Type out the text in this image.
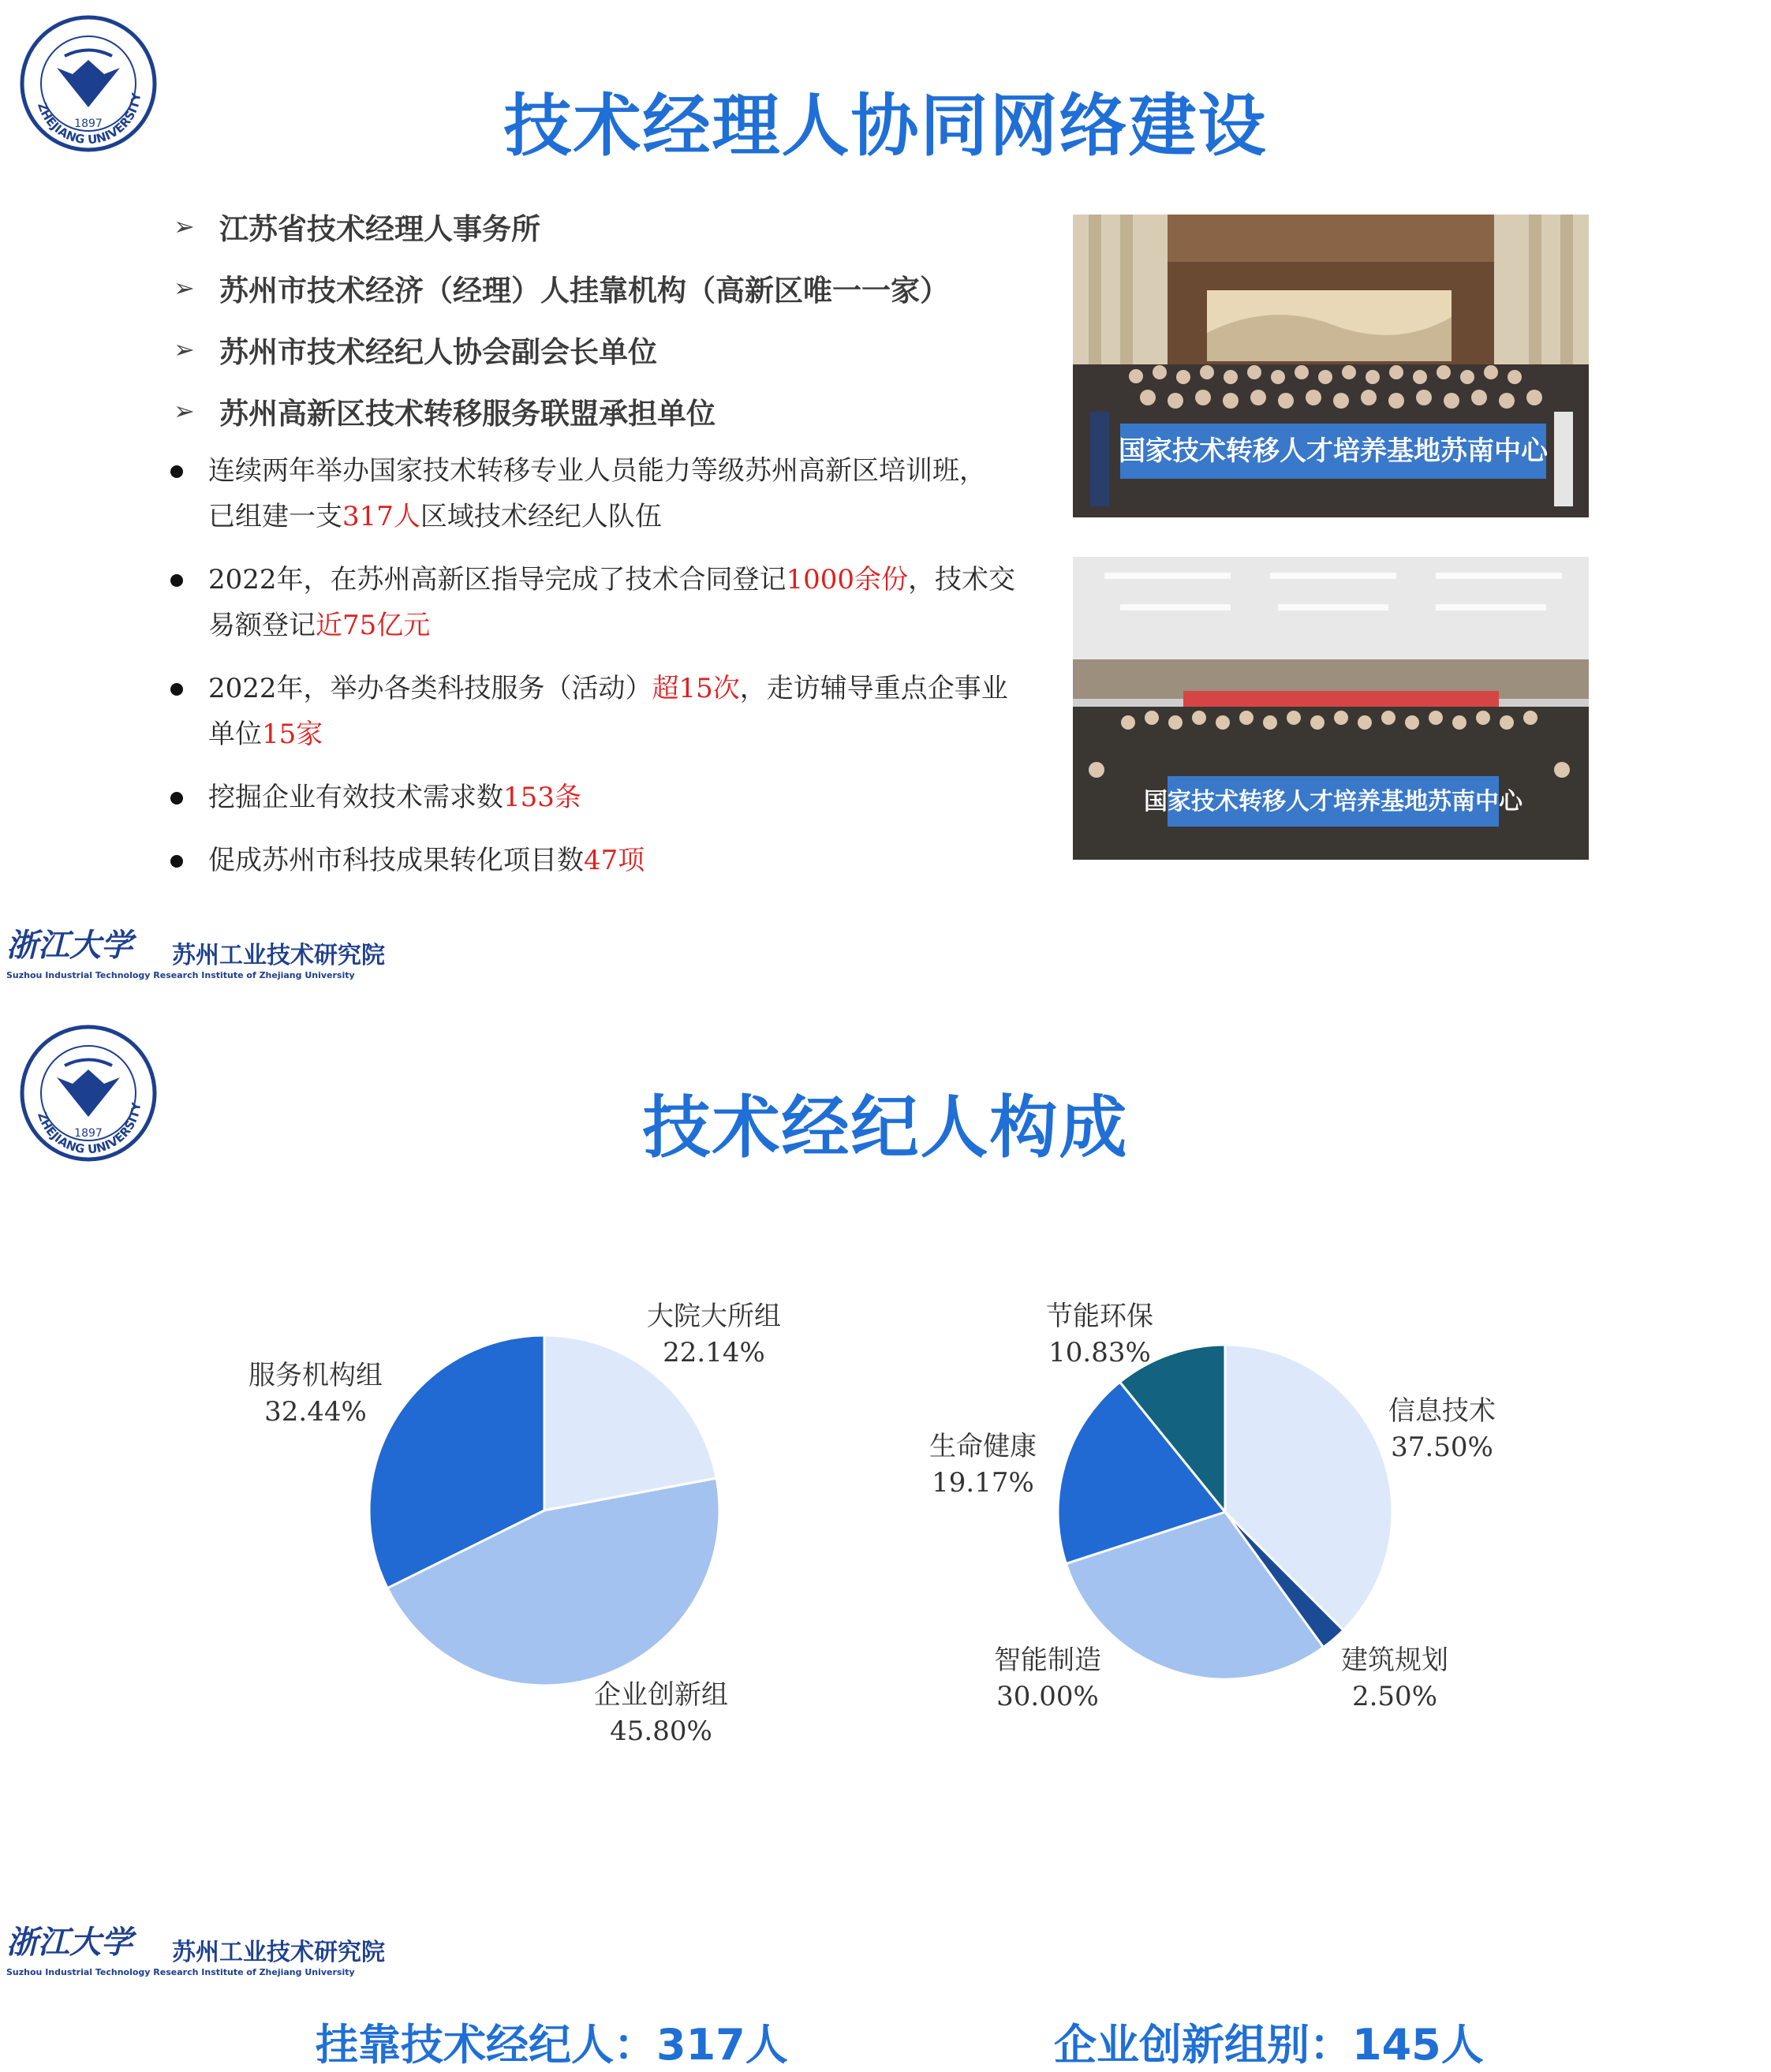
1897
ZHEJIANG UNIVERSITY	技术经理人协同网络建设
➢ 江苏省技术经理人事务所
➢ 苏州市技术经济（经理）人挂靠机构（高新区唯一一家）
➢ 苏州市技术经纪人协会副会长单位
➢ 苏州高新区技术转移服务联盟承担单位
连续两年举办国家技术转移专业人员能力等级苏州高新区培训班，
已组建一支317人区域技术经纪人队伍
2022年，在苏州高新区指导完成了技术合同登记1000余份，技术交
易额登记近75亿元
2022年，举办各类科技服务（活动）超15次，走访辅导重点企事业
单位15家
挖掘企业有效技术需求数153条
促成苏州市科技成果转化项目数47项
国家技术转移人才培养基地苏南中心
国家技术转移人才培养基地苏南中心
浙江大学 苏州工业技术研究院
Suzhou Industrial Technology Research Institute of Zhejiang University
1897
ZHEJIANG UNIVERSITY	技术经纪人构成
大院大所组
22.14%
企业创新组
45.80%
服务机构组
32.44%	信息技术
37.50%
建筑规划
2.50%
智能制造
30.00%
生命健康
19.17%
节能环保
10.83%
挂靠技术经纪人：317人	企业创新组别：145人
浙江大学 苏州工业技术研究院
Suzhou Industrial Technology Research Institute of Zhejiang University
